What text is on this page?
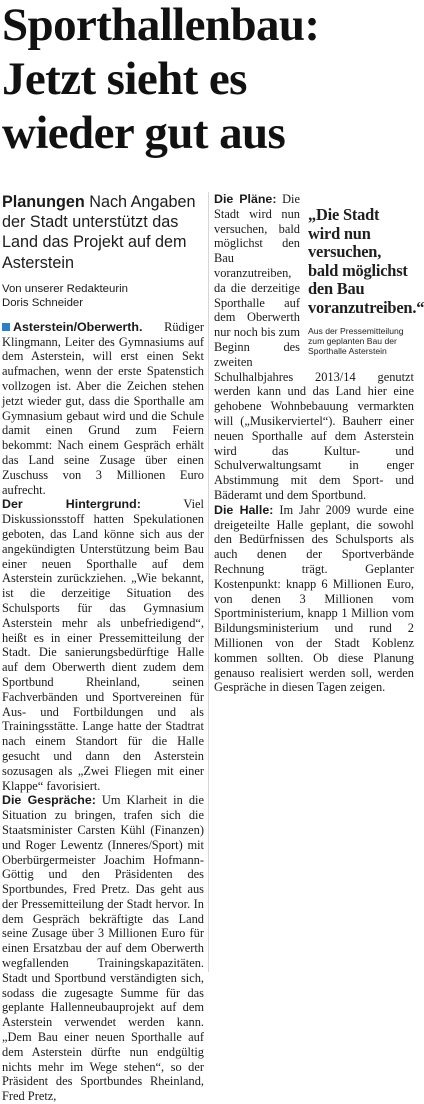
Sporthallenbau:
Jetzt sieht es
wieder gut aus
Planungen Nach Angaben der Stadt unterstützt das Land das Projekt auf dem Asterstein
Von unserer Redakteurin
Doris Schneider

Asterstein/Oberwerth. Rüdiger Klingmann, Leiter des Gymnasiums auf dem Asterstein, will erst einen Sekt aufmachen, wenn der erste Spatenstich vollzogen ist. Aber die Zeichen stehen jetzt wieder gut, dass die Sporthalle am Gymnasium gebaut wird und die Schule damit einen Grund zum Feiern bekommt: Nach einem Gespräch erhält das Land seine Zusage über einen Zuschuss von 3 Millionen Euro aufrecht.

Der Hintergrund:	Viel Diskussionsstoff hatten Spekulationen geboten, das Land könne sich aus der angekündigten Unterstützung beim Bau einer neuen Sporthalle auf dem Asterstein zurückziehen. „Wie bekannt, ist die derzeitige Situation des Schulsports für das Gymnasium Asterstein mehr als unbefriedigend“, heißt es in einer Pressemitteilung der Stadt. Die sanierungsbedürftige Halle auf dem Oberwerth dient zudem dem Sportbund Rheinland, seinen Fachverbänden und Sportvereinen für Aus- und Fortbildungen und als Trainingsstätte. Lange hatte der Stadtrat nach einem Standort für die Halle gesucht und dann den Asterstein sozusagen als „Zwei Fliegen mit einer Klappe“ favorisiert.

Die Gespräche: Um Klarheit in die Situation zu bringen, trafen sich die Staatsminister Carsten Kühl (Finanzen) und Roger Lewentz (Inneres/Sport) mit Oberbürgermeister Joachim Hofmann-Göttig und den Präsidenten des Sportbundes, Fred Pretz. Das geht aus der Pressemitteilung der Stadt hervor. In dem Gespräch bekräftigte das Land seine Zusage über 3 Millionen Euro für einen Ersatzbau der auf dem Oberwerth wegfallenden Trainingskapazitäten. Stadt und Sportbund verständigten sich, sodass die zugesagte Summe für das geplante Hallenneubauprojekt auf dem Asterstein verwendet werden kann. „Dem Bau einer neuen Sporthalle auf dem Asterstein dürfte nun endgültig nichts mehr im Wege stehen“, so der Präsident des Sportbundes Rheinland, Fred Pretz,

„Die Stadt wird nun versuchen, bald möglichst den Bau voranzutreiben.“
Aus der Pressemitteilung zum geplanten Bau der Sporthalle Asterstein

Die Pläne: Die Stadt wird nun versuchen, bald möglichst den Bau voranzutreiben, da die derzeitige Sporthalle auf dem Oberwerth nur noch bis zum Beginn des zweiten Schulhalbjahres 2013/14 genutzt werden kann und das Land hier eine gehobene Wohnbebauung vermarkten will („Musikerviertel“). Bauherr einer neuen Sporthalle auf dem Asterstein wird das Kultur- und Schulverwaltungsamt in enger Abstimmung mit dem Sport- und Bäderamt und dem Sportbund.

Die Halle: Im Jahr 2009 wurde eine dreigeteilte Halle geplant, die sowohl den Bedürfnissen des Schulsports als auch denen der Sportverbände Rechnung trägt. Geplanter Kostenpunkt: knapp 6 Millionen Euro, von denen 3 Millionen vom Sportministerium, knapp 1 Million vom Bildungsministerium und rund 2 Millionen von der Stadt Koblenz kommen sollten. Ob diese Planung genauso realisiert werden soll, werden Gespräche in diesen Tagen zeigen.
